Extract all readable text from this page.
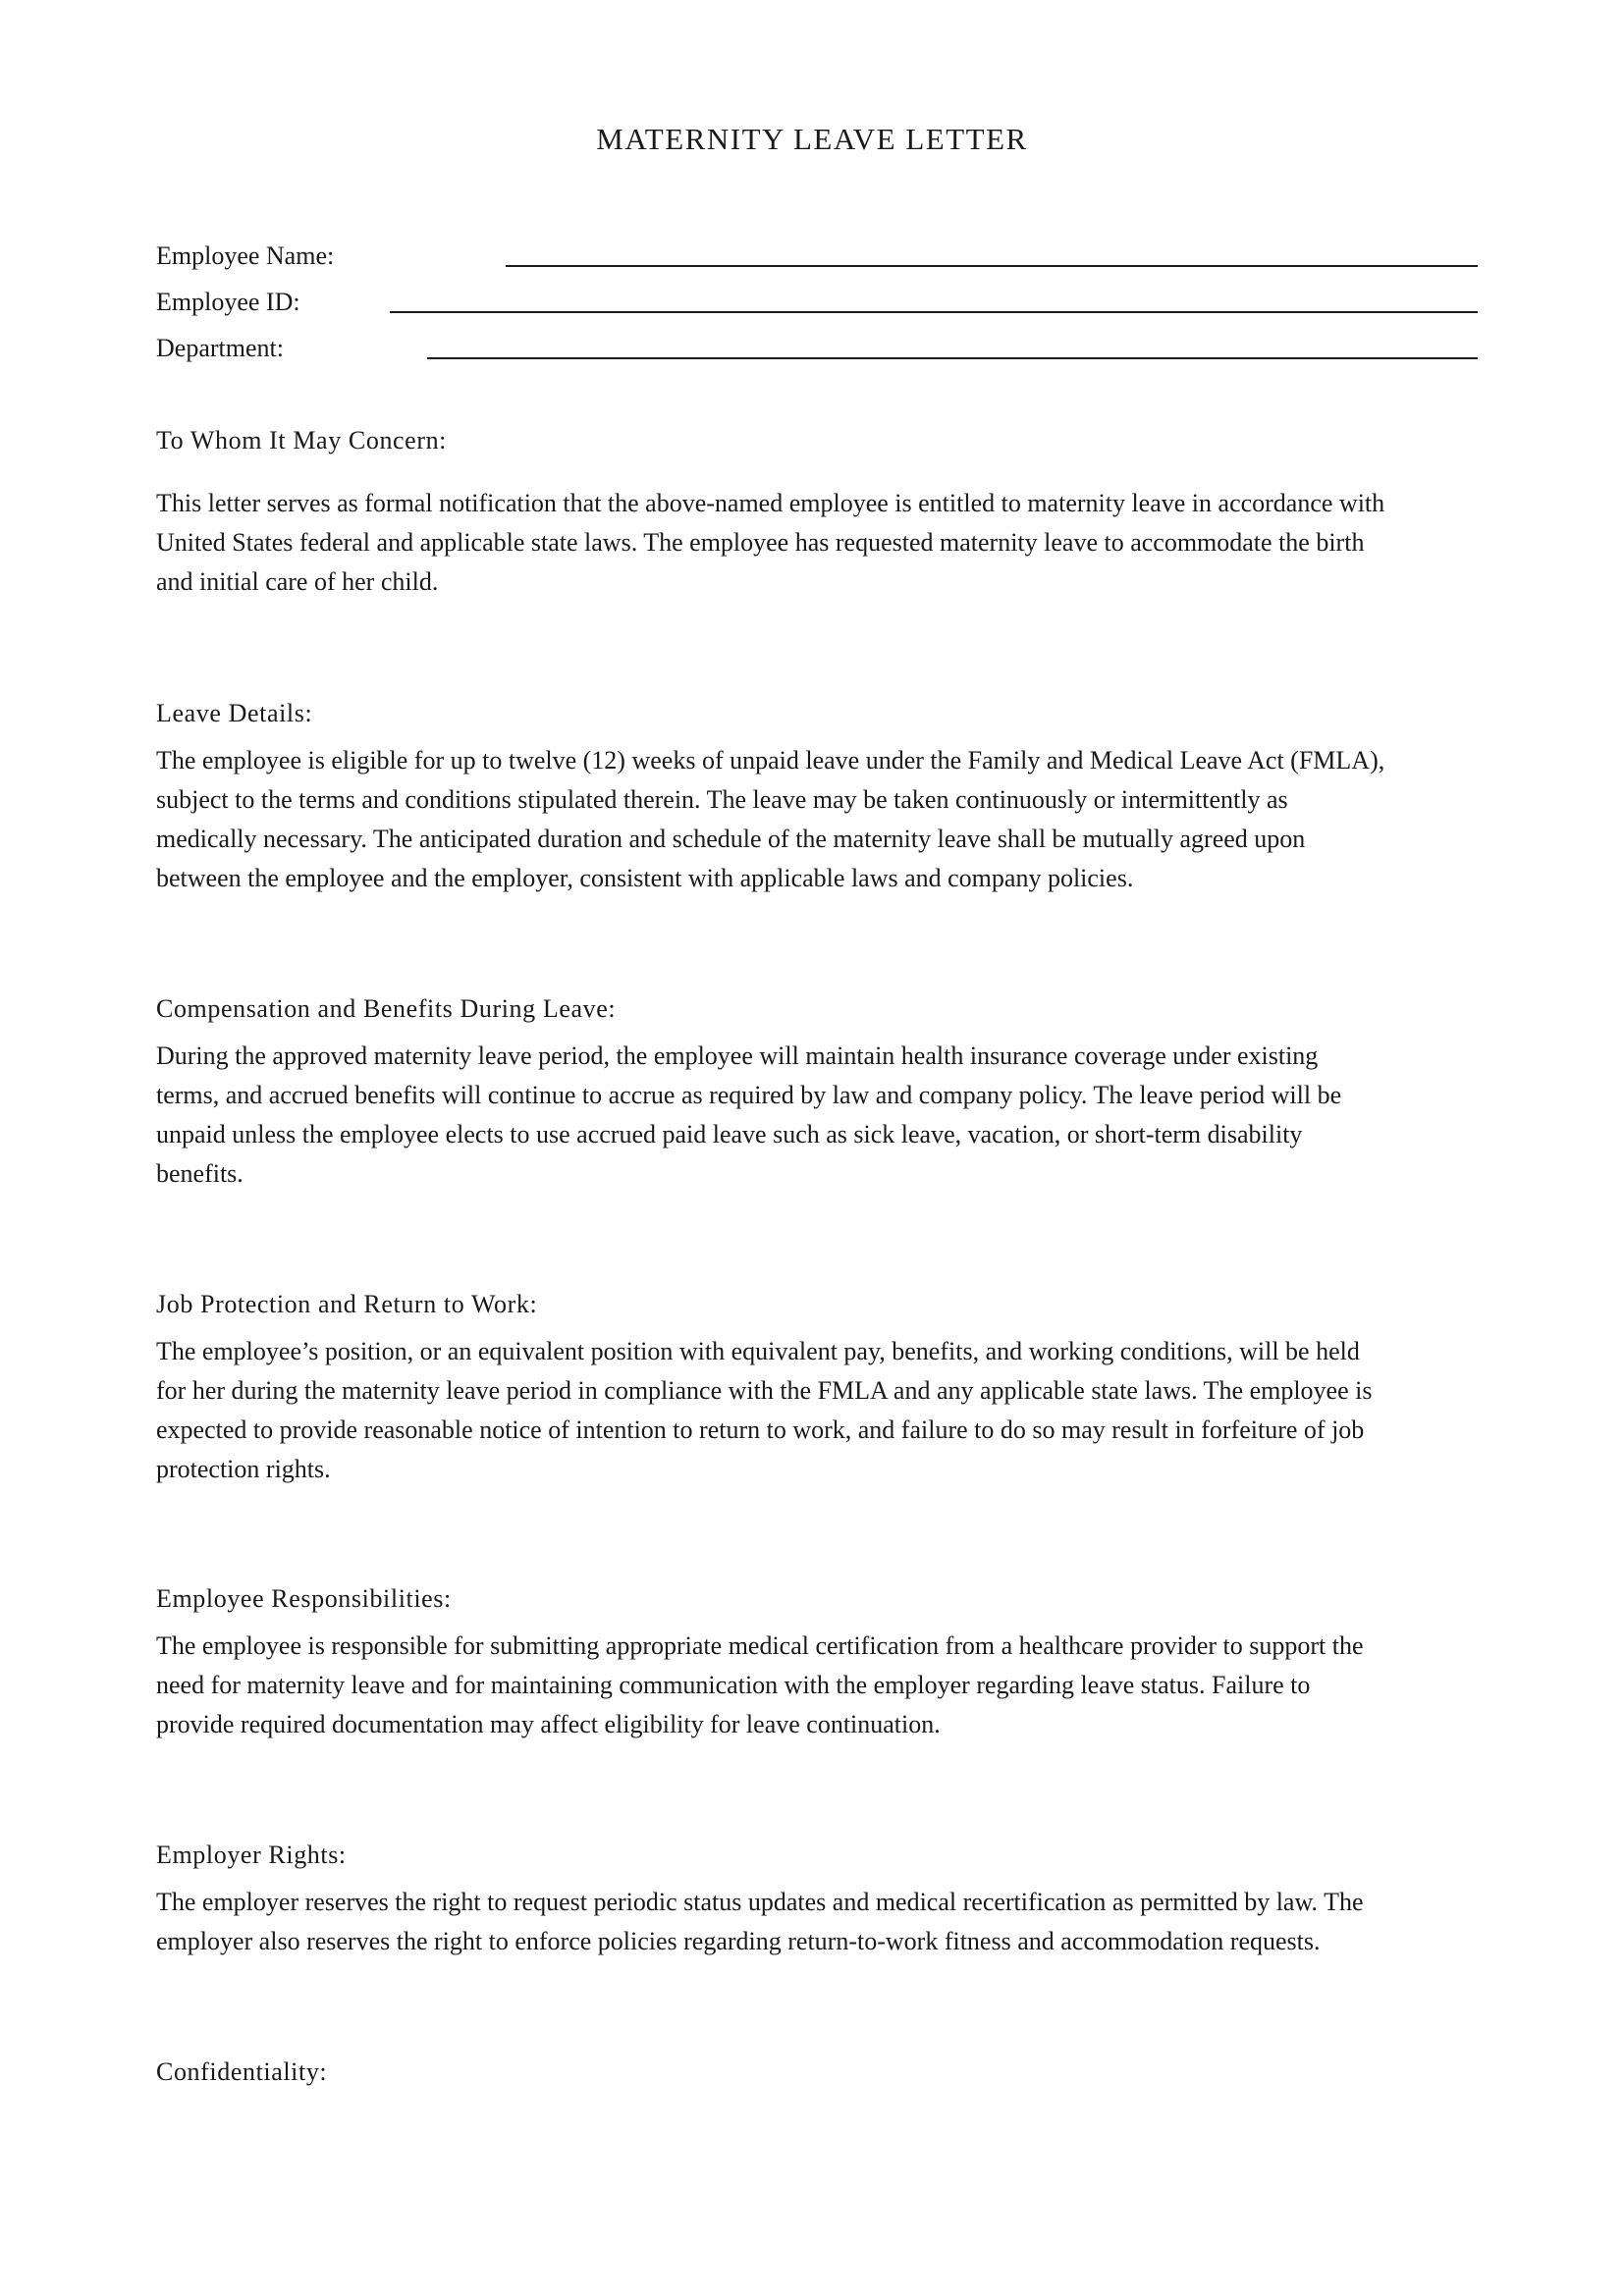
MATERNITY LEAVE LETTER
Employee Name:
Employee ID:
Department:
To Whom It May Concern:
This letter serves as formal notification that the above-named employee is entitled to maternity leave in accordance with
United States federal and applicable state laws. The employee has requested maternity leave to accommodate the birth
and initial care of her child.
Leave Details:
The employee is eligible for up to twelve (12) weeks of unpaid leave under the Family and Medical Leave Act (FMLA),
subject to the terms and conditions stipulated therein. The leave may be taken continuously or intermittently as
medically necessary. The anticipated duration and schedule of the maternity leave shall be mutually agreed upon
between the employee and the employer, consistent with applicable laws and company policies.
Compensation and Benefits During Leave:
During the approved maternity leave period, the employee will maintain health insurance coverage under existing
terms, and accrued benefits will continue to accrue as required by law and company policy. The leave period will be
unpaid unless the employee elects to use accrued paid leave such as sick leave, vacation, or short-term disability
benefits.
Job Protection and Return to Work:
The employee’s position, or an equivalent position with equivalent pay, benefits, and working conditions, will be held
for her during the maternity leave period in compliance with the FMLA and any applicable state laws. The employee is
expected to provide reasonable notice of intention to return to work, and failure to do so may result in forfeiture of job
protection rights.
Employee Responsibilities:
The employee is responsible for submitting appropriate medical certification from a healthcare provider to support the
need for maternity leave and for maintaining communication with the employer regarding leave status. Failure to
provide required documentation may affect eligibility for leave continuation.
Employer Rights:
The employer reserves the right to request periodic status updates and medical recertification as permitted by law. The
employer also reserves the right to enforce policies regarding return-to-work fitness and accommodation requests.
Confidentiality:
